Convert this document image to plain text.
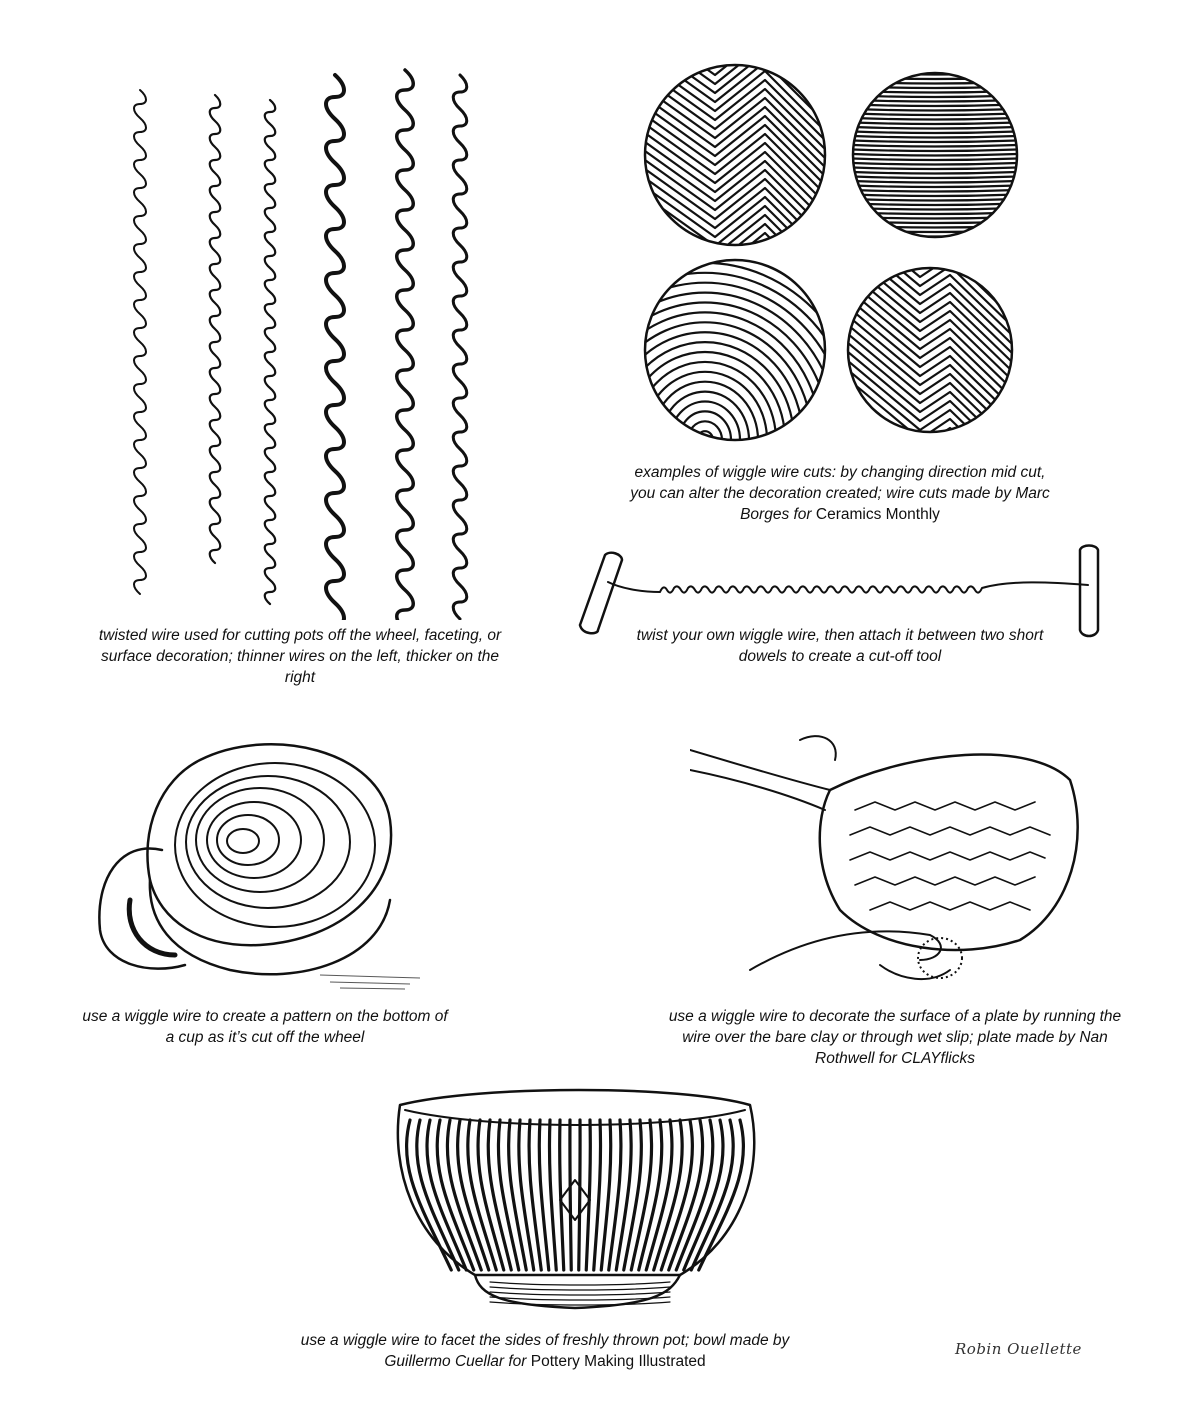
twisted wire used for cutting pots off the wheel, faceting, or surface decoration; thinner wires on the left, thicker on the right
examples of wiggle wire cuts: by changing direction mid cut, you can alter the decoration created; wire cuts made by Marc Borges for Ceramics Monthly
twist your own wiggle wire, then attach it between two short dowels to create a cut-off tool
use a wiggle wire to create a pattern on the bottom of a cup as it’s cut off the wheel
use a wiggle wire to decorate the surface of a plate by running the wire over the bare clay or through wet slip; plate made by Nan Rothwell for CLAYflicks
use a wiggle wire to facet the sides of freshly thrown pot; bowl made by Guillermo Cuellar for Pottery Making Illustrated
Robin Ouellette
